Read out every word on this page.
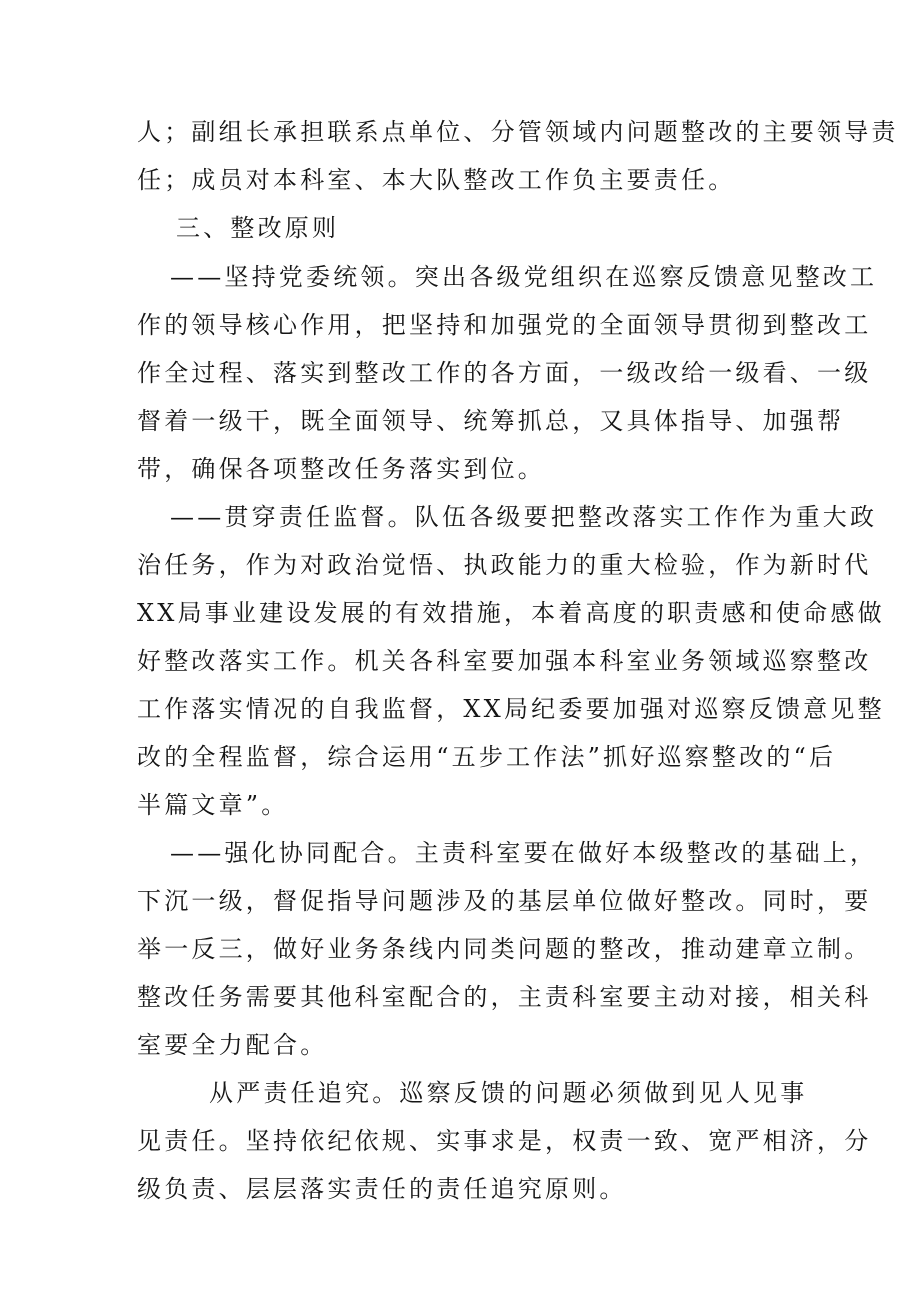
人；副组长承担联系点单位、分管领域内问题整改的主要领导责
任；成员对本科室、本大队整改工作负主要责任。
三、整改原则
——坚持党委统领。突出各级党组织在巡察反馈意见整改工
作的领导核心作用，把坚持和加强党的全面领导贯彻到整改工
作全过程、落实到整改工作的各方面，一级改给一级看、一级
督着一级干，既全面领导、统筹抓总，又具体指导、加强帮
带，确保各项整改任务落实到位。
——贯穿责任监督。队伍各级要把整改落实工作作为重大政
治任务，作为对政治觉悟、执政能力的重大检验，作为新时代
XX局事业建设发展的有效措施，本着高度的职责感和使命感做
好整改落实工作。机关各科室要加强本科室业务领域巡察整改
工作落实情况的自我监督，XX局纪委要加强对巡察反馈意见整
改的全程监督，综合运用“五步工作法”抓好巡察整改的“后
半篇文章”。
——强化协同配合。主责科室要在做好本级整改的基础上，
下沉一级，督促指导问题涉及的基层单位做好整改。同时，要
举一反三，做好业务条线内同类问题的整改，推动建章立制。
整改任务需要其他科室配合的，主责科室要主动对接，相关科
室要全力配合。
从严责任追究。巡察反馈的问题必须做到见人见事
见责任。坚持依纪依规、实事求是，权责一致、宽严相济，分
级负责、层层落实责任的责任追究原则。
